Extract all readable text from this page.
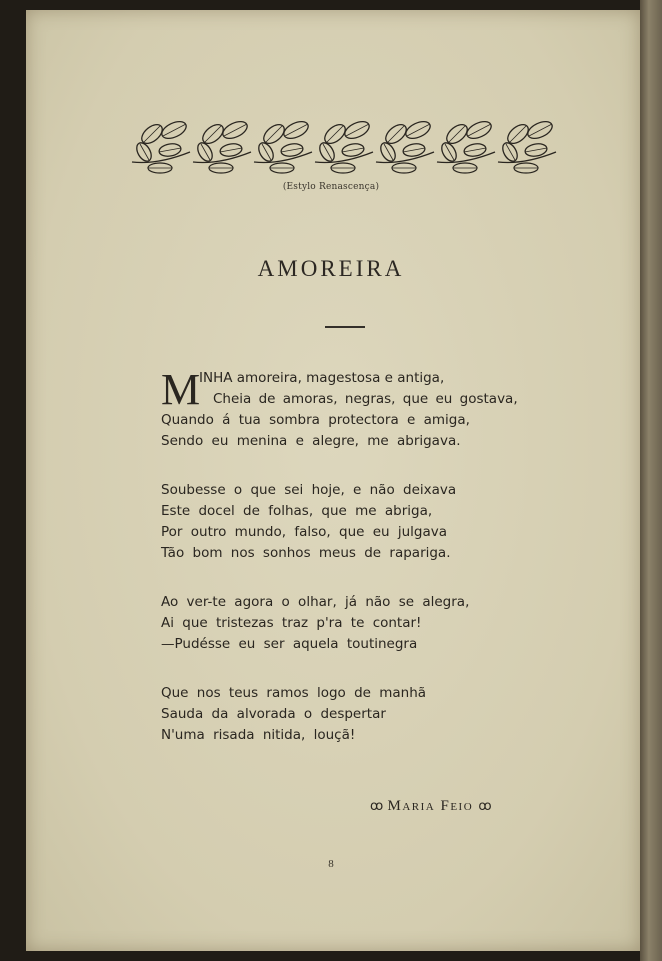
(Estylo Renascença)
AMOREIRA
M
INHA amoreira, magestosa e antiga,
Cheia de amoras, negras, que eu gostava,
Quando á tua sombra protectora e amiga,
Sendo eu menina e alegre, me abrigava.
Soubesse o que sei hoje, e não deixava
Este docel de folhas, que me abriga,
Por outro mundo, falso, que eu julgava
Tão bom nos sonhos meus de rapariga.
Ao ver-te agora o olhar, já não se alegra,
Ai que tristezas traz p'ra te contar!
—Pudésse eu ser aquela toutinegra
Que nos teus ramos logo de manhã
Sauda da alvorada o despertar
N'uma risada nitida, louçã!
ꝏ Maria Feio ꝏ
8
